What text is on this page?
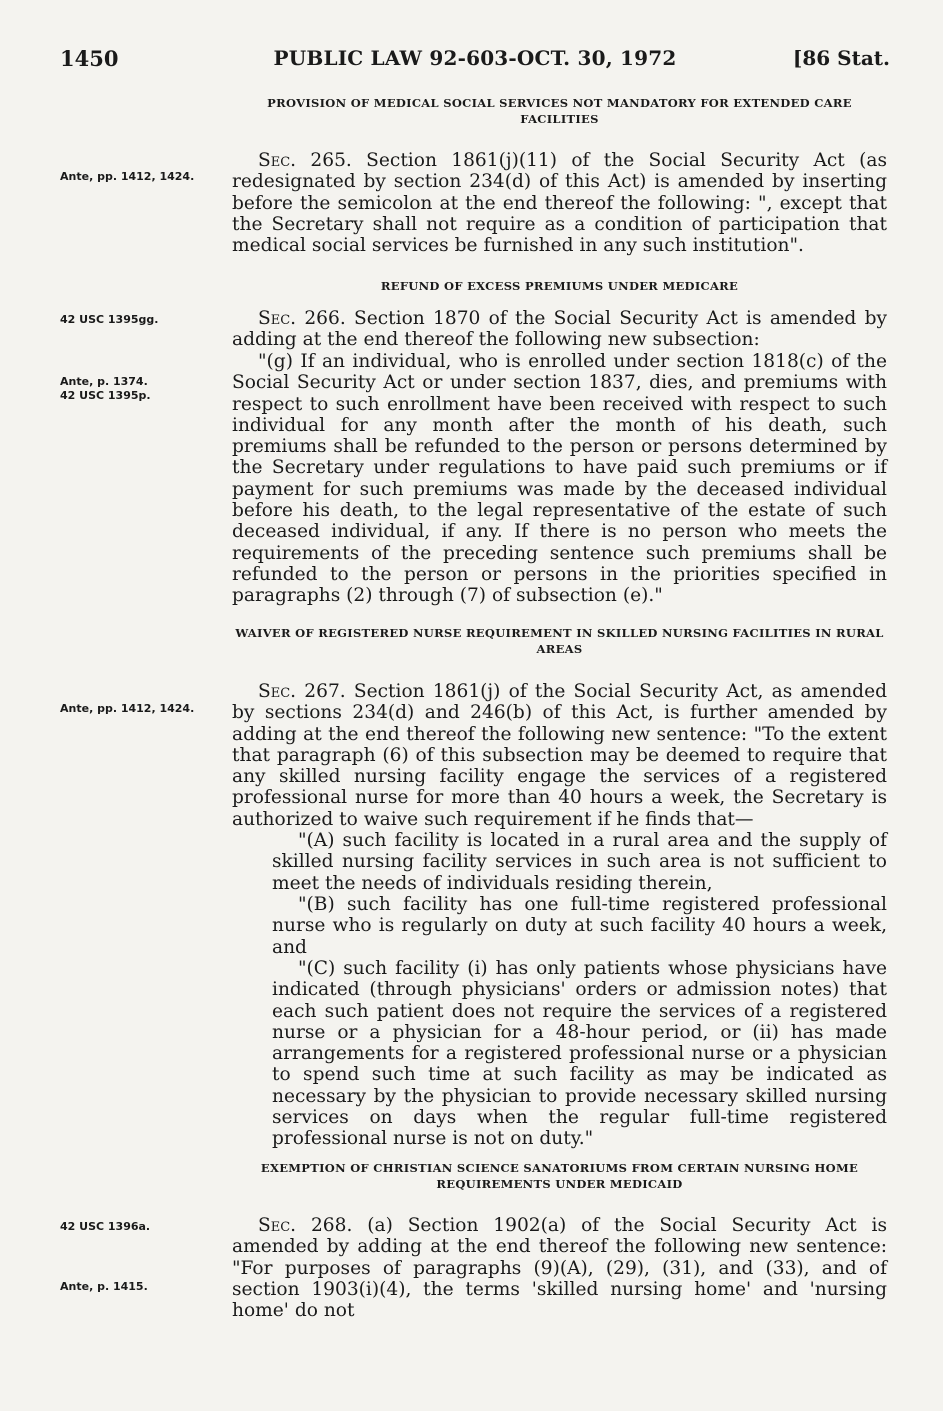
1450	PUBLIC LAW 92-603-OCT. 30, 1972	[86 Stat.
PROVISION OF MEDICAL SOCIAL SERVICES NOT MANDATORY FOR EXTENDED CARE FACILITIES
Ante, pp. 1412, 1424.
Sec. 265. Section 1861(j)(11) of the Social Security Act (as redesignated by section 234(d) of this Act) is amended by inserting before the semicolon at the end thereof the following: ", except that the Secretary shall not require as a condition of participation that medical social services be furnished in any such institution".
REFUND OF EXCESS PREMIUMS UNDER MEDICARE
42 USC 1395gg.	Sec. 266. Section 1870 of the Social Security Act is amended by adding at the end thereof the following new subsection:
Ante, p. 1374.
42 USC 1395p.
"(g) If an individual, who is enrolled under section 1818(c) of the Social Security Act or under section 1837, dies, and premiums with respect to such enrollment have been received with respect to such individual for any month after the month of his death, such premiums shall be refunded to the person or persons determined by the Secretary under regulations to have paid such premiums or if payment for such premiums was made by the deceased individual before his death, to the legal representative of the estate of such deceased individual, if any. If there is no person who meets the requirements of the preceding sentence such premiums shall be refunded to the person or persons in the priorities specified in paragraphs (2) through (7) of subsection (e)."
WAIVER OF REGISTERED NURSE REQUIREMENT IN SKILLED NURSING FACILITIES IN RURAL AREAS
Ante, pp. 1412, 1424.
Sec. 267. Section 1861(j) of the Social Security Act, as amended by sections 234(d) and 246(b) of this Act, is further amended by adding at the end thereof the following new sentence: "To the extent that paragraph (6) of this subsection may be deemed to require that any skilled nursing facility engage the services of a registered professional nurse for more than 40 hours a week, the Secretary is authorized to waive such requirement if he finds that—
"(A) such facility is located in a rural area and the supply of skilled nursing facility services in such area is not sufficient to meet the needs of individuals residing therein,
"(B) such facility has one full-time registered professional nurse who is regularly on duty at such facility 40 hours a week, and
"(C) such facility (i) has only patients whose physicians have indicated (through physicians' orders or admission notes) that each such patient does not require the services of a registered nurse or a physician for a 48-hour period, or (ii) has made arrangements for a registered professional nurse or a physician to spend such time at such facility as may be indicated as necessary by the physician to provide necessary skilled nursing services on days when the regular full-time registered professional nurse is not on duty."
EXEMPTION OF CHRISTIAN SCIENCE SANATORIUMS FROM CERTAIN NURSING HOME REQUIREMENTS UNDER MEDICAID
42 USC 1396a.	Sec. 268. (a) Section 1902(a) of the Social Security Act is amended by adding at the end thereof the following new sentence: "For purposes of paragraphs (9)(A), (29), (31), and (33), and of section 1903(i)(4), the terms 'skilled nursing home' and 'nursing home' do not
Ante, p. 1415.
